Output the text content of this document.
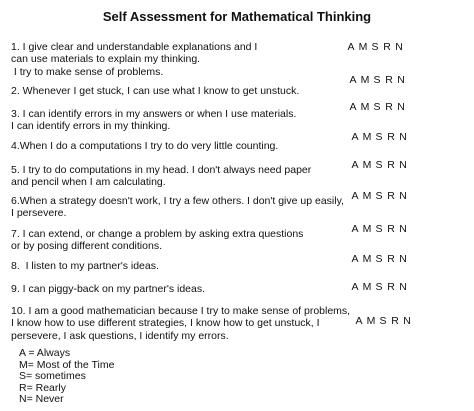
Self Assessment for Mathematical Thinking
1. I give clear and understandable explanations and I
can use materials to explain my thinking.
I try to make sense of problems.
A M S R N
2. Whenever I get stuck, I can use what I know to get unstuck.
A M S R N
3. I can identify errors in my answers or when I use materials.
I can identify errors in my thinking.
A M S R N
4.When I do a computations I try to do very little counting.
A M S R N
5. I try to do computations in my head. I don't always need paper
and pencil when I am calculating.
A M S R N
6.When a strategy doesn't work, I try a few others. I don't give up easily,
I persevere.
A M S R N
7. I can extend, or change a problem by asking extra questions
or by posing different conditions.
A M S R N
8.  I listen to my partner's ideas.
A M S R N
9. I can piggy-back on my partner's ideas.	A M S R N
10. I am a good mathematician because I try to make sense of problems,
I know how to use different strategies, I know how to get unstuck, I
persevere, I ask questions, I identify my errors.
A M S R N
A = Always
M= Most of the Time
S= sometimes
R= Rearly
N= Never
